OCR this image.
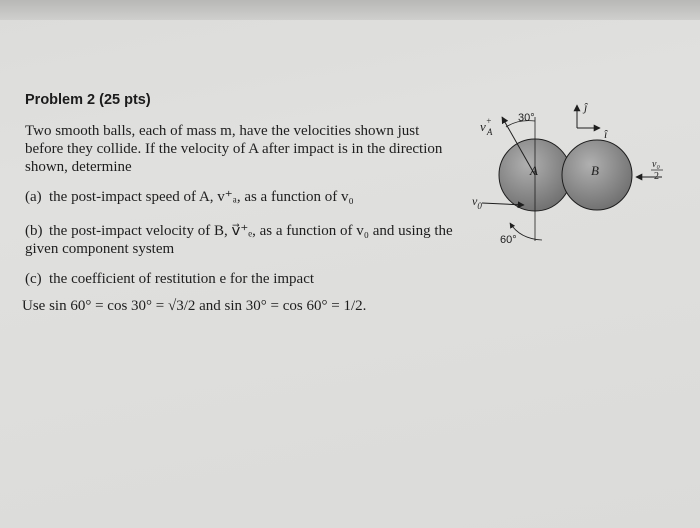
Problem 2 (25 pts)
Two smooth balls, each of mass m, have the velocities shown just before they collide. If the velocity of A after impact is in the direction shown, determine
(a) the post-impact speed of A, v⁺ₐ, as a function of v₀
(b) the post-impact velocity of B, v⃗⁺ₑ, as a function of v₀ and using the given component system
(c) the coefficient of restitution e for the impact
Use sin 60° = cos 30° = √3/2 and sin 30° = cos 60° = 1/2.
A	B
30°
v+ A
60°
$v_0$
v₀
2
ĵ
î
